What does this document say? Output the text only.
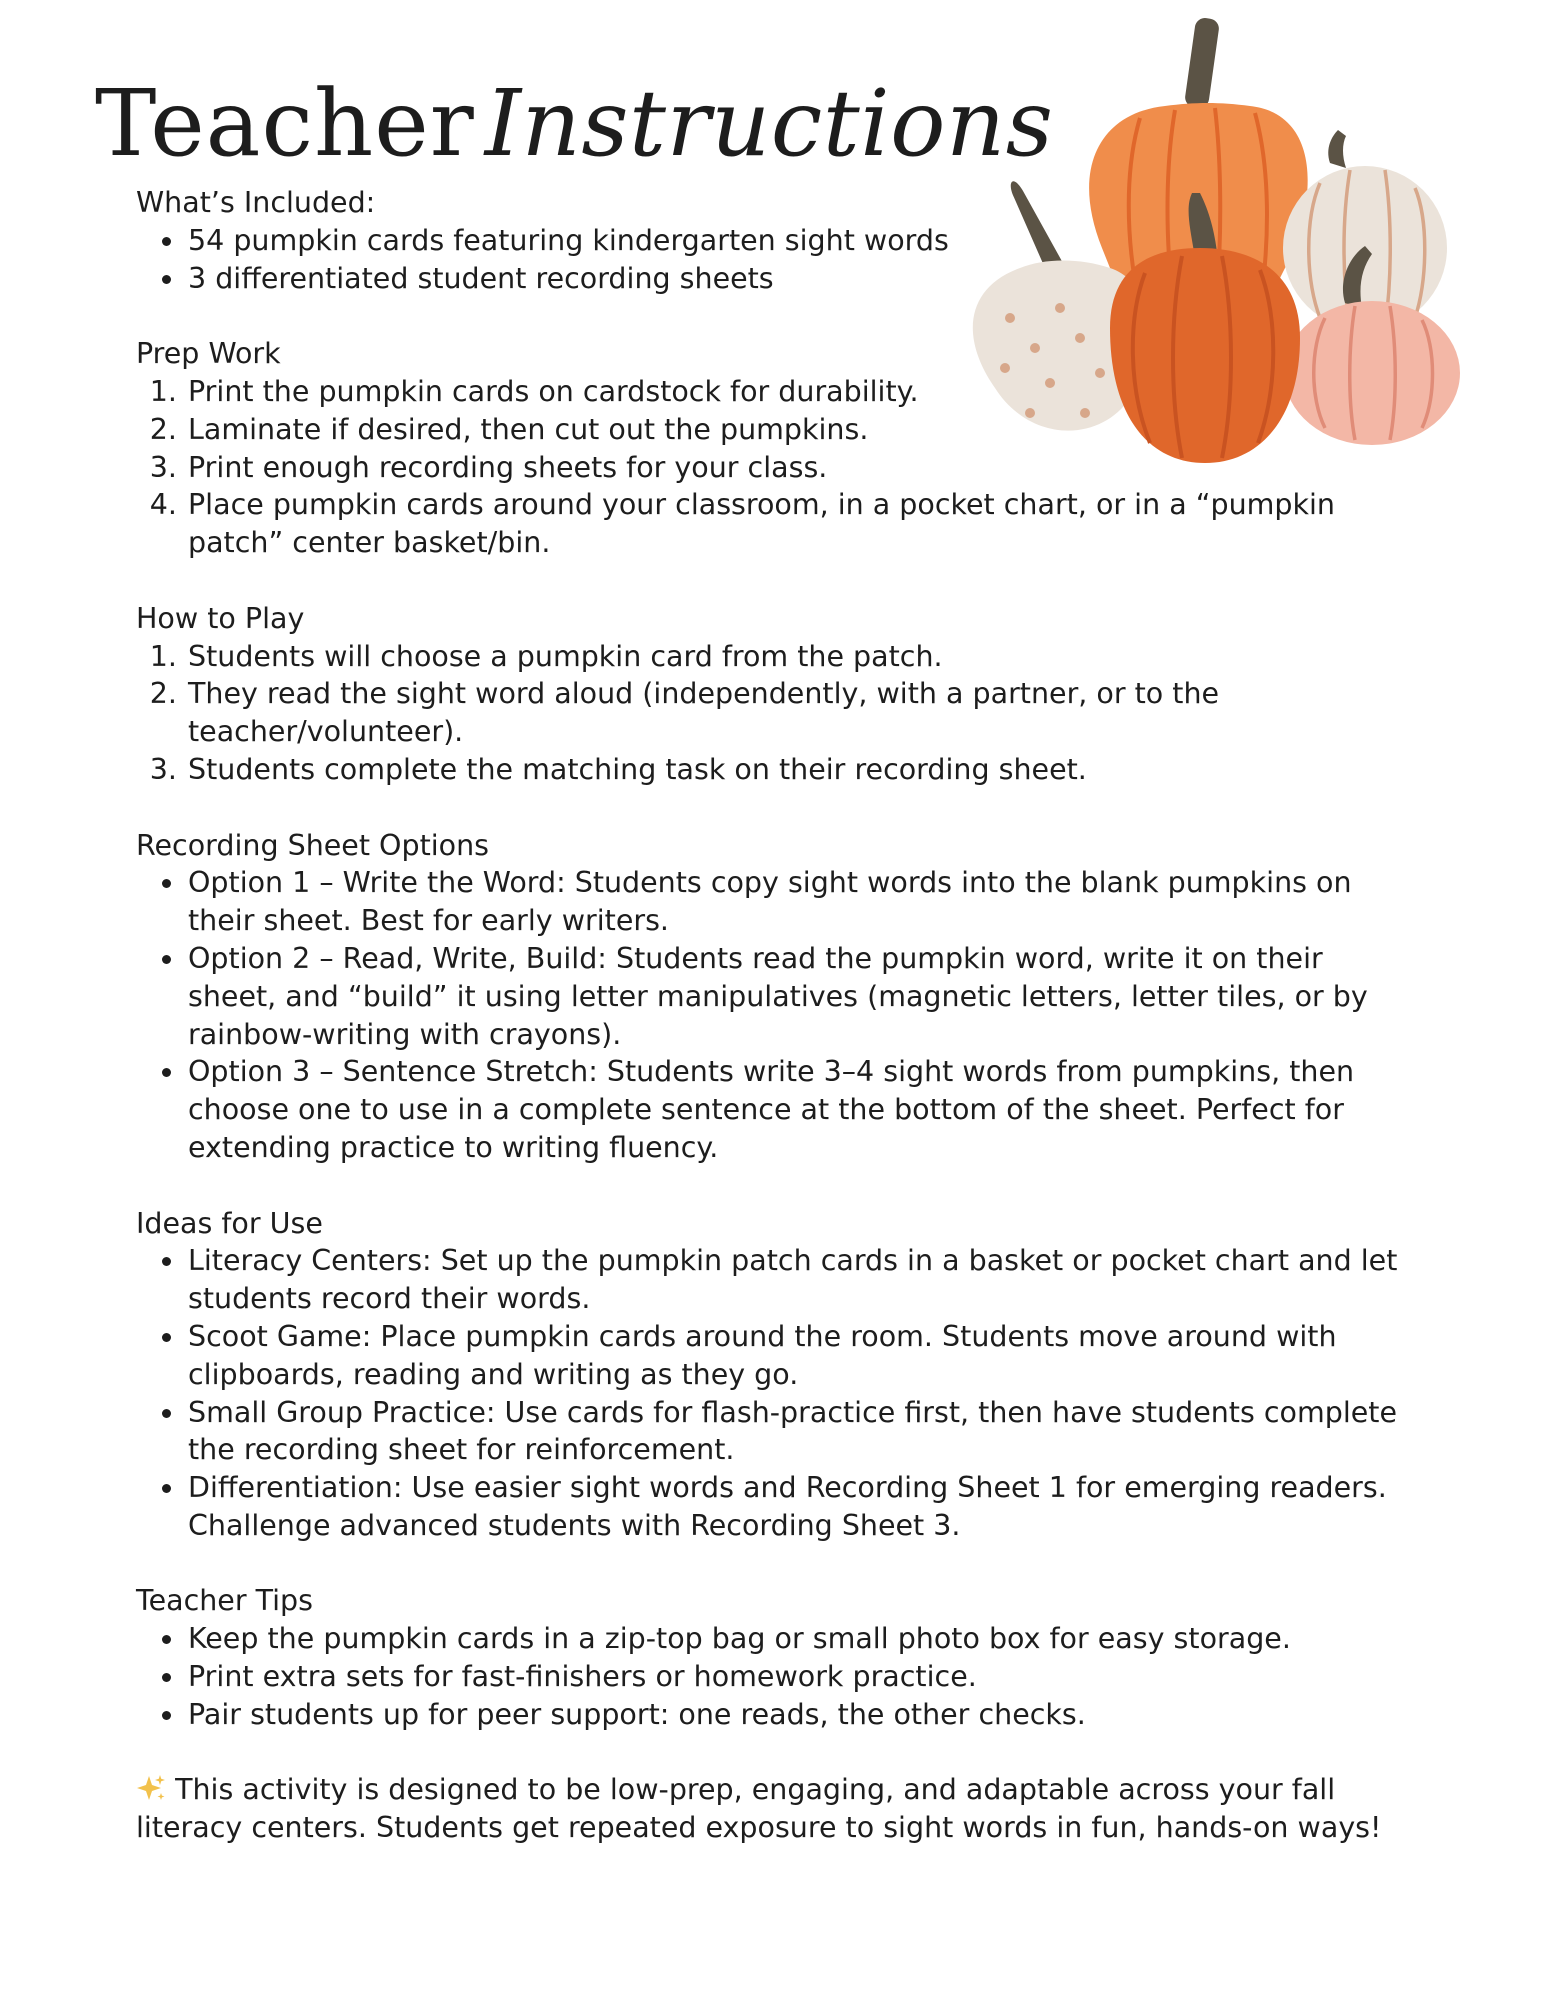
Teacher Instructions
What’s Included:
• 54 pumpkin cards featuring kindergarten sight words
• 3 differentiated student recording sheets
Prep Work
1. Print the pumpkin cards on cardstock for durability.
2. Laminate if desired, then cut out the pumpkins.
3. Print enough recording sheets for your class.
4. Place pumpkin cards around your classroom, in a pocket chart, or in a “pumpkin patch” center basket/bin.
How to Play
1. Students will choose a pumpkin card from the patch.
2. They read the sight word aloud (independently, with a partner, or to the teacher/volunteer).
3. Students complete the matching task on their recording sheet.
Recording Sheet Options
• Option 1 – Write the Word: Students copy sight words into the blank pumpkins on their sheet. Best for early writers.
• Option 2 – Read, Write, Build: Students read the pumpkin word, write it on their sheet, and “build” it using letter manipulatives (magnetic letters, letter tiles, or by rainbow-writing with crayons).
• Option 3 – Sentence Stretch: Students write 3–4 sight words from pumpkins, then choose one to use in a complete sentence at the bottom of the sheet. Perfect for extending practice to writing fluency.
Ideas for Use
• Literacy Centers: Set up the pumpkin patch cards in a basket or pocket chart and let students record their words.
• Scoot Game: Place pumpkin cards around the room. Students move around with clipboards, reading and writing as they go.
• Small Group Practice: Use cards for flash-practice first, then have students complete the recording sheet for reinforcement.
• Differentiation: Use easier sight words and Recording Sheet 1 for emerging readers. Challenge advanced students with Recording Sheet 3.
Teacher Tips
• Keep the pumpkin cards in a zip-top bag or small photo box for easy storage.
• Print extra sets for fast-finishers or homework practice.
• Pair students up for peer support: one reads, the other checks.

This activity is designed to be low-prep, engaging, and adaptable across your fall literacy centers. Students get repeated exposure to sight words in fun, hands-on ways!
